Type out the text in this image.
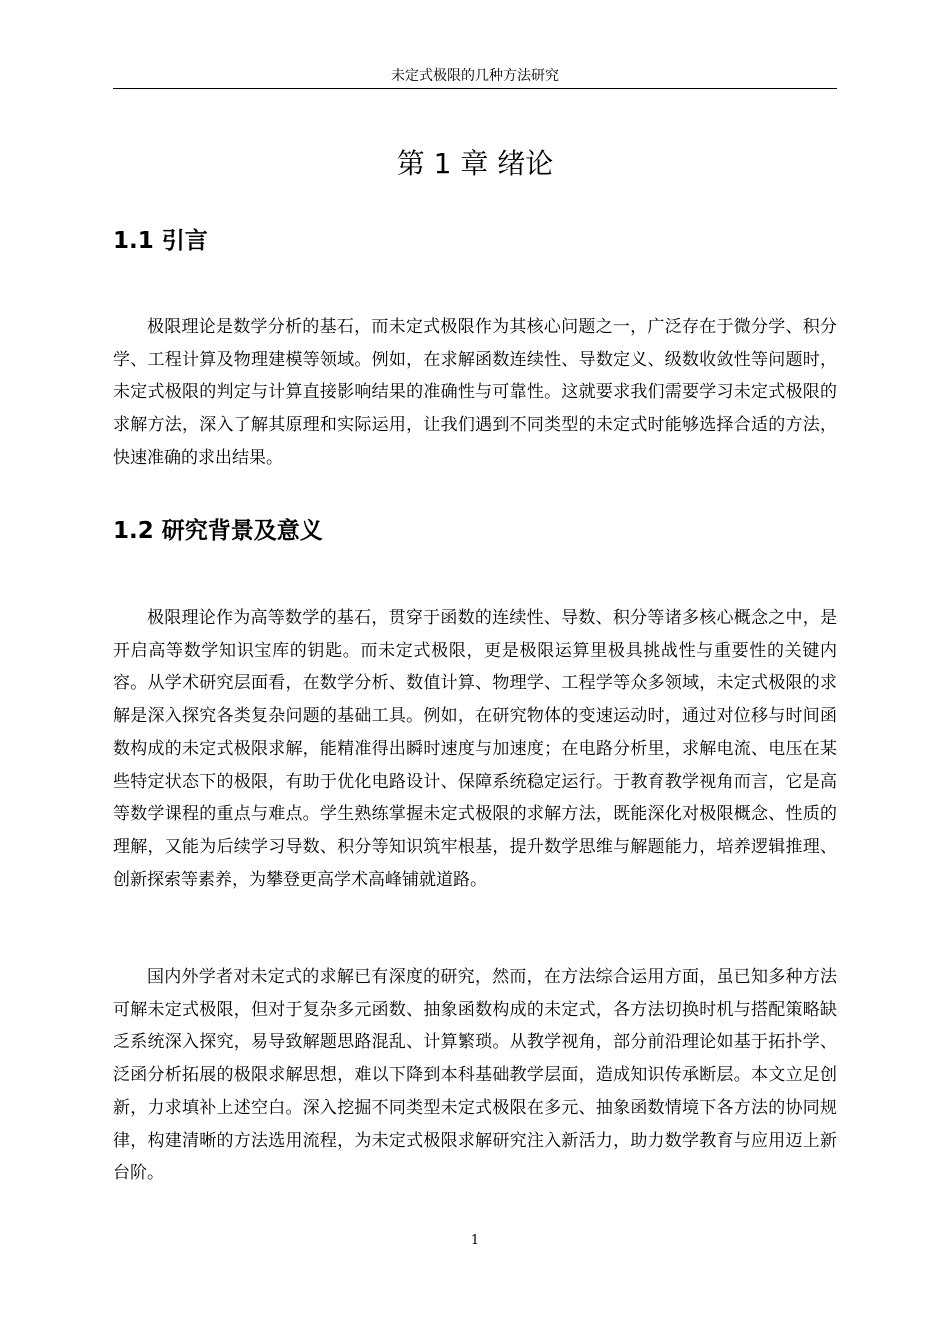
未定式极限的几种方法研究
第 1 章 绪论
1.1 引言

极限理论是数学分析的基石，而未定式极限作为其核心问题之一，广泛存在于微分学、积分学、工程计算及物理建模等领域。例如，在求解函数连续性、导数定义、级数收敛性等问题时，未定式极限的判定与计算直接影响结果的准确性与可靠性。这就要求我们需要学习未定式极限的求解方法，深入了解其原理和实际运用，让我们遇到不同类型的未定式时能够选择合适的方法，快速准确的求出结果。

1.2 研究背景及意义

极限理论作为高等数学的基石，贯穿于函数的连续性、导数、积分等诸多核心概念之中，是开启高等数学知识宝库的钥匙。而未定式极限，更是极限运算里极具挑战性与重要性的关键内容。从学术研究层面看，在数学分析、数值计算、物理学、工程学等众多领域，未定式极限的求解是深入探究各类复杂问题的基础工具。例如，在研究物体的变速运动时，通过对位移与时间函数构成的未定式极限求解，能精准得出瞬时速度与加速度；在电路分析里，求解电流、电压在某些特定状态下的极限，有助于优化电路设计、保障系统稳定运行。于教育教学视角而言，它是高等数学课程的重点与难点。学生熟练掌握未定式极限的求解方法，既能深化对极限概念、性质的理解，又能为后续学习导数、积分等知识筑牢根基，提升数学思维与解题能力，培养逻辑推理、创新探索等素养，为攀登更高学术高峰铺就道路。

国内外学者对未定式的求解已有深度的研究，然而，在方法综合运用方面，虽已知多种方法可解未定式极限，但对于复杂多元函数、抽象函数构成的未定式，各方法切换时机与搭配策略缺乏系统深入探究，易导致解题思路混乱、计算繁琐。从教学视角，部分前沿理论如基于拓扑学、泛函分析拓展的极限求解思想，难以下降到本科基础教学层面，造成知识传承断层。本文立足创新，力求填补上述空白。深入挖掘不同类型未定式极限在多元、抽象函数情境下各方法的协同规律，构建清晰的方法选用流程，为未定式极限求解研究注入新活力，助力数学教育与应用迈上新台阶。

1
